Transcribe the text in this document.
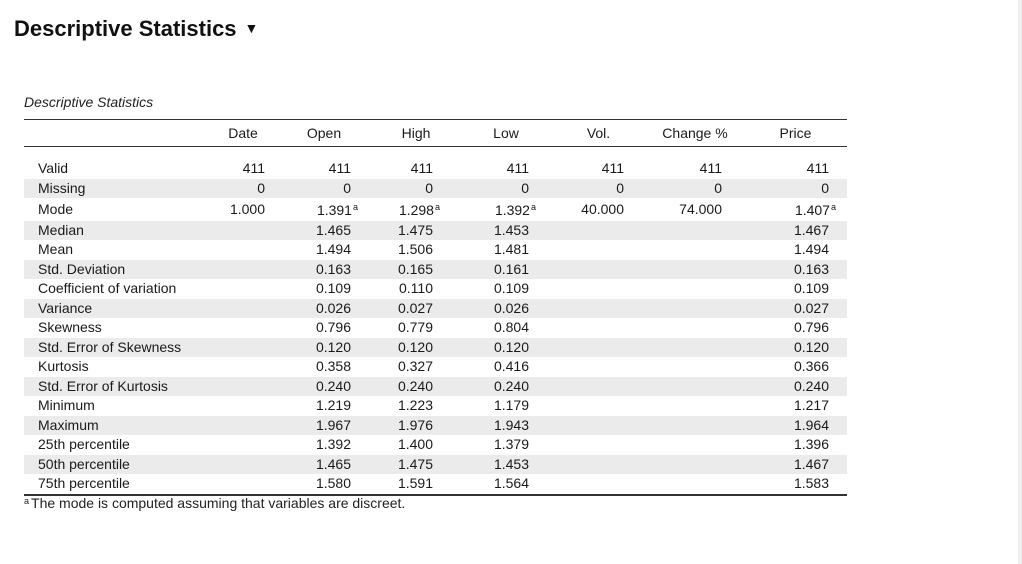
Descriptive Statistics ▼
Descriptive Statistics
	Date	Open	High	Low	Vol.	Change %	Price

Valid	411	411	411	411	411	411	411
Missing	0	0	0	0	0	0	0
Mode	1.000	1.391$^a$	1.298$^a$	1.392$^a$	40.000	74.000	1.407$^a$
Median		1.465	1.475	1.453			1.467
Mean		1.494	1.506	1.481			1.494
Std. Deviation		0.163	0.165	0.161			0.163
Coefficient of variation		0.109	0.110	0.109			0.109
Variance		0.026	0.027	0.026			0.027
Skewness		0.796	0.779	0.804			0.796
Std. Error of Skewness		0.120	0.120	0.120			0.120
Kurtosis		0.358	0.327	0.416			0.366
Std. Error of Kurtosis		0.240	0.240	0.240			0.240
Minimum		1.219	1.223	1.179			1.217
Maximum		1.967	1.976	1.943			1.964
25th percentile		1.392	1.400	1.379			1.396
50th percentile		1.465	1.475	1.453			1.467
75th percentile		1.580	1.591	1.564			1.583
$^a$ The mode is computed assuming that variables are discreet.
